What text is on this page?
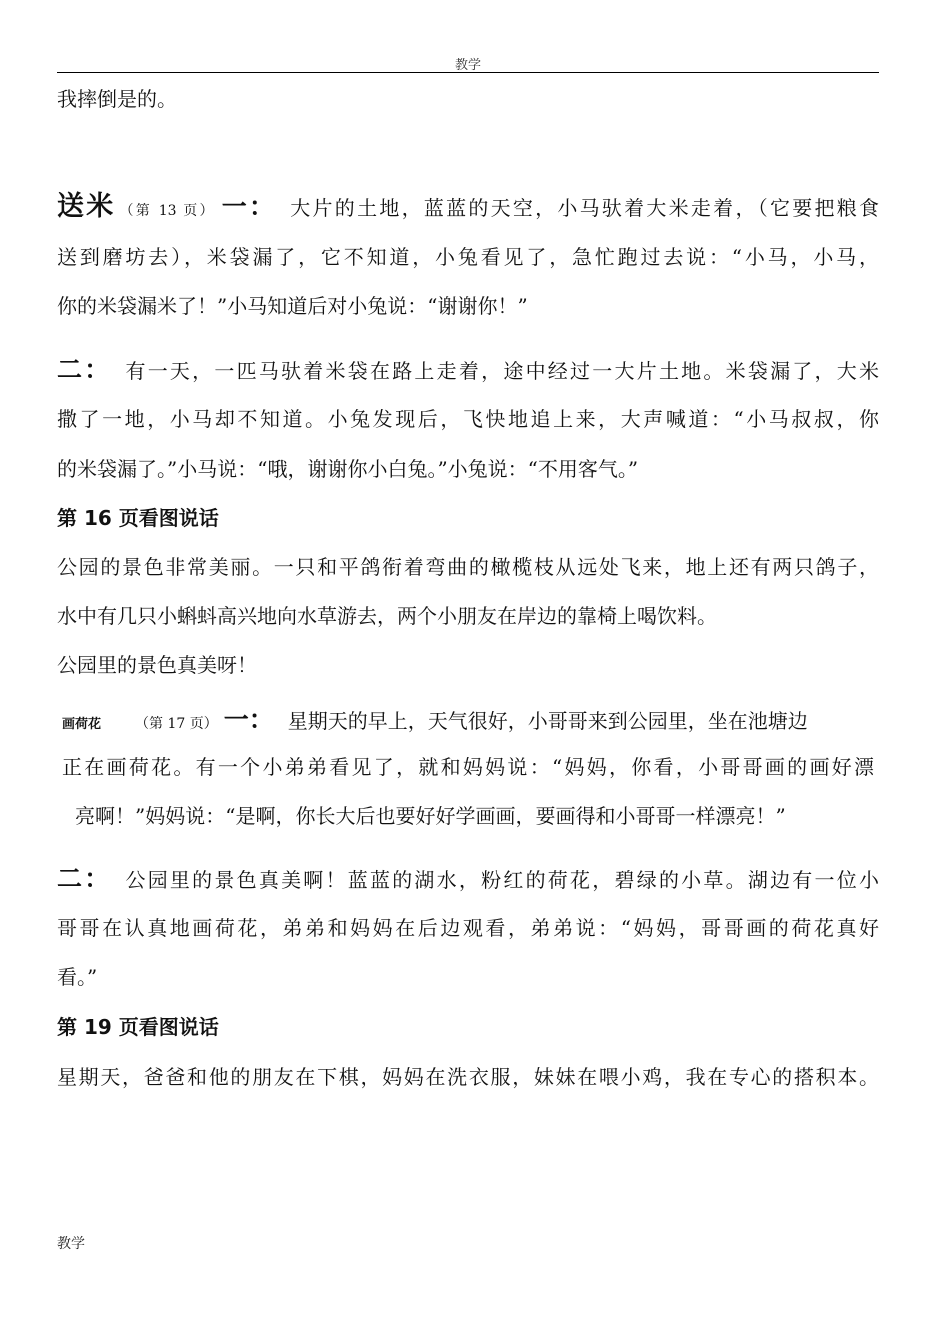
教学
我摔倒是的。
送米 （第 13 页） 一： 大片的土地，蓝蓝的天空，小马驮着大米走着，（它要把粮食
送到磨坊去），米袋漏了，它不知道，小兔看见了，急忙跑过去说：“小马，小马，
你的米袋漏米了！”小马知道后对小兔说：“谢谢你！”
二： 有一天，一匹马驮着米袋在路上走着，途中经过一大片土地。米袋漏了，大米
撒了一地，小马却不知道。小兔发现后，飞快地追上来，大声喊道：“小马叔叔，你
的米袋漏了。”小马说：“哦，谢谢你小白兔。”小兔说：“不用客气。”
第 16 页看图说话
公园的景色非常美丽。一只和平鸽衔着弯曲的橄榄枝从远处飞来，地上还有两只鸽子，
水中有几只小蝌蚪高兴地向水草游去，两个小朋友在岸边的靠椅上喝饮料。
公园里的景色真美呀！
画荷花 （第 17 页） 一： 星期天的早上，天气很好，小哥哥来到公园里，坐在池塘边
正在画荷花。有一个小弟弟看见了，就和妈妈说：“妈妈，你看，小哥哥画的画好漂
亮啊！”妈妈说：“是啊，你长大后也要好好学画画，要画得和小哥哥一样漂亮！”
二： 公园里的景色真美啊！蓝蓝的湖水，粉红的荷花，碧绿的小草。湖边有一位小
哥哥在认真地画荷花，弟弟和妈妈在后边观看，弟弟说：“妈妈，哥哥画的荷花真好
看。”
第 19 页看图说话
星期天，爸爸和他的朋友在下棋，妈妈在洗衣服，妹妹在喂小鸡，我在专心的搭积本。
教学
